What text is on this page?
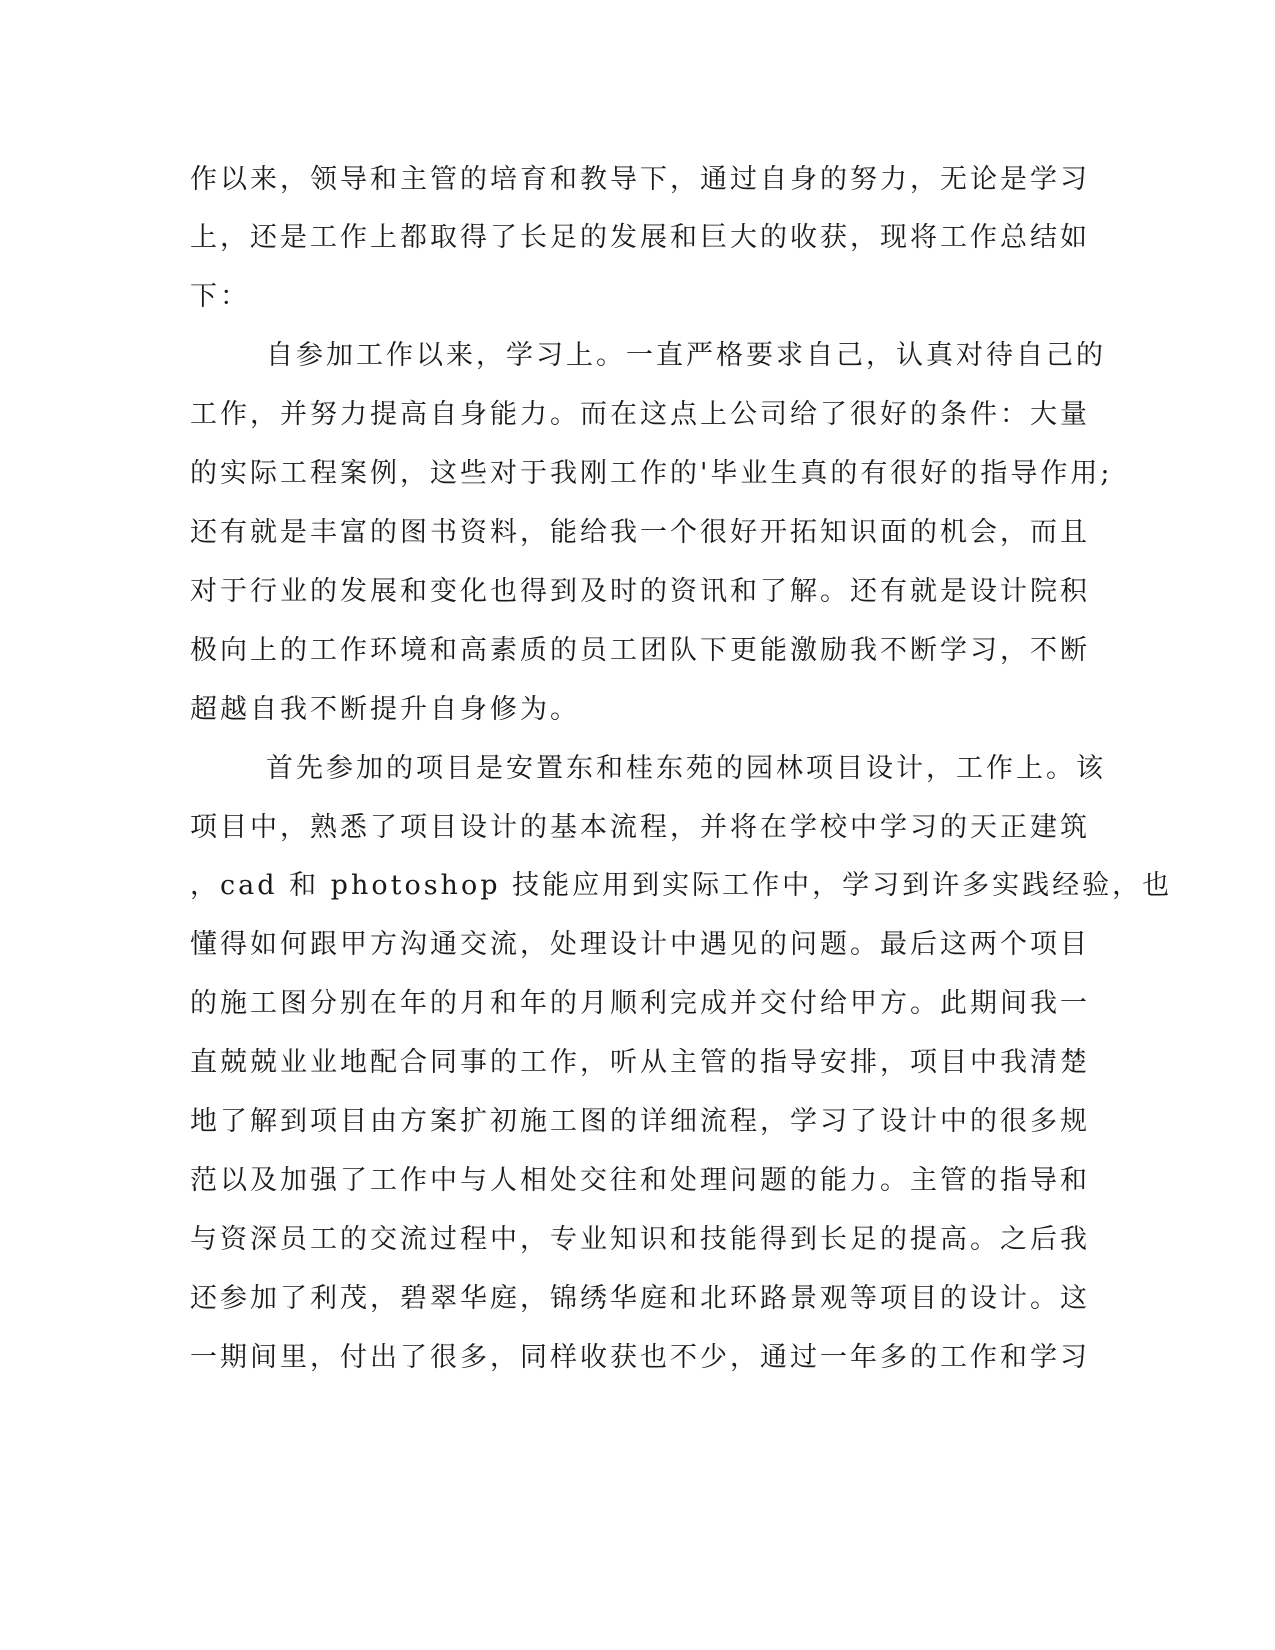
作以来，领导和主管的培育和教导下，通过自身的努力，无论是学习
上，还是工作上都取得了长足的发展和巨大的收获，现将工作总结如
下：
自参加工作以来，学习上。一直严格要求自己，认真对待自己的
工作，并努力提高自身能力。而在这点上公司给了很好的条件：大量
的实际工程案例，这些对于我刚工作的'毕业生真的有很好的指导作用;
还有就是丰富的图书资料，能给我一个很好开拓知识面的机会，而且
对于行业的发展和变化也得到及时的资讯和了解。还有就是设计院积
极向上的工作环境和高素质的员工团队下更能激励我不断学习，不断
超越自我不断提升自身修为。
首先参加的项目是安置东和桂东苑的园林项目设计，工作上。该
项目中，熟悉了项目设计的基本流程，并将在学校中学习的天正建筑
，cad 和 photoshop 技能应用到实际工作中，学习到许多实践经验，也
懂得如何跟甲方沟通交流，处理设计中遇见的问题。最后这两个项目
的施工图分别在年的月和年的月顺利完成并交付给甲方。此期间我一
直兢兢业业地配合同事的工作，听从主管的指导安排，项目中我清楚
地了解到项目由方案扩初施工图的详细流程，学习了设计中的很多规
范以及加强了工作中与人相处交往和处理问题的能力。主管的指导和
与资深员工的交流过程中，专业知识和技能得到长足的提高。之后我
还参加了利茂，碧翠华庭，锦绣华庭和北环路景观等项目的设计。这
一期间里，付出了很多，同样收获也不少，通过一年多的工作和学习
